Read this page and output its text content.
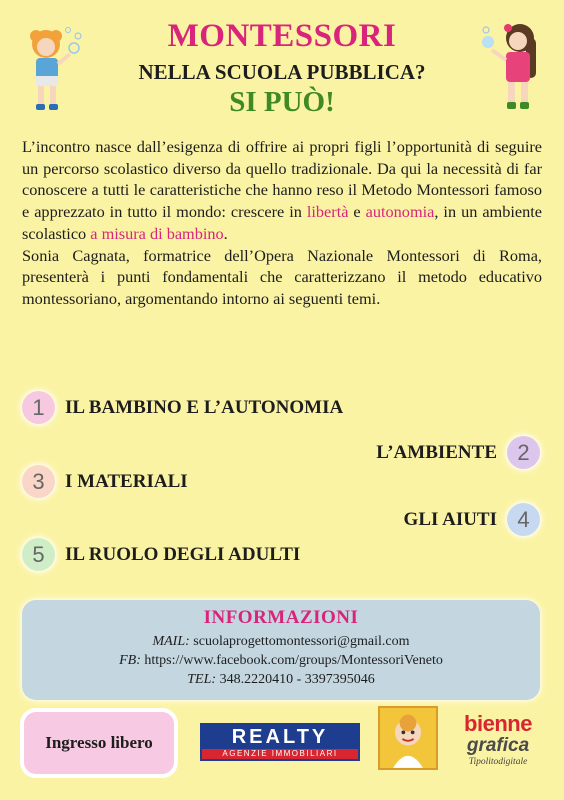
MONTESSORI
NELLA SCUOLA PUBBLICA?
SI PUÒ!
L’incontro nasce dall’esigenza di offrire ai propri figli l’opportunità di seguire un percorso scolastico diverso da quello tradizionale. Da qui la necessità di far conoscere a tutti le caratteristiche che hanno reso il Metodo Montessori famoso e apprezzato in tutto il mondo: crescere in libertà e autonomia, in un ambiente scolastico a misura di bambino.
Sonia Cagnata, formatrice dell’Opera Nazionale Montessori di Roma, presenterà i punti fondamentali che caratterizzano il metodo educativo montessoriano, argomentando intorno ai seguenti temi.
1	IL BAMBINO E L’AUTONOMIA
L’AMBIENTE 2
3	I MATERIALI
GLI AIUTI 4
5	IL RUOLO DEGLI ADULTI
INFORMAZIONI
MAIL: scuolaprogettomontessori@gmail.com
FB: https://www.facebook.com/groups/MontessoriVeneto
TEL: 348.2220410 - 3397395046
Ingresso libero	REALTY
AGENZIE IMMOBILIARI
bienne
grafica
Tipolitodigitale
